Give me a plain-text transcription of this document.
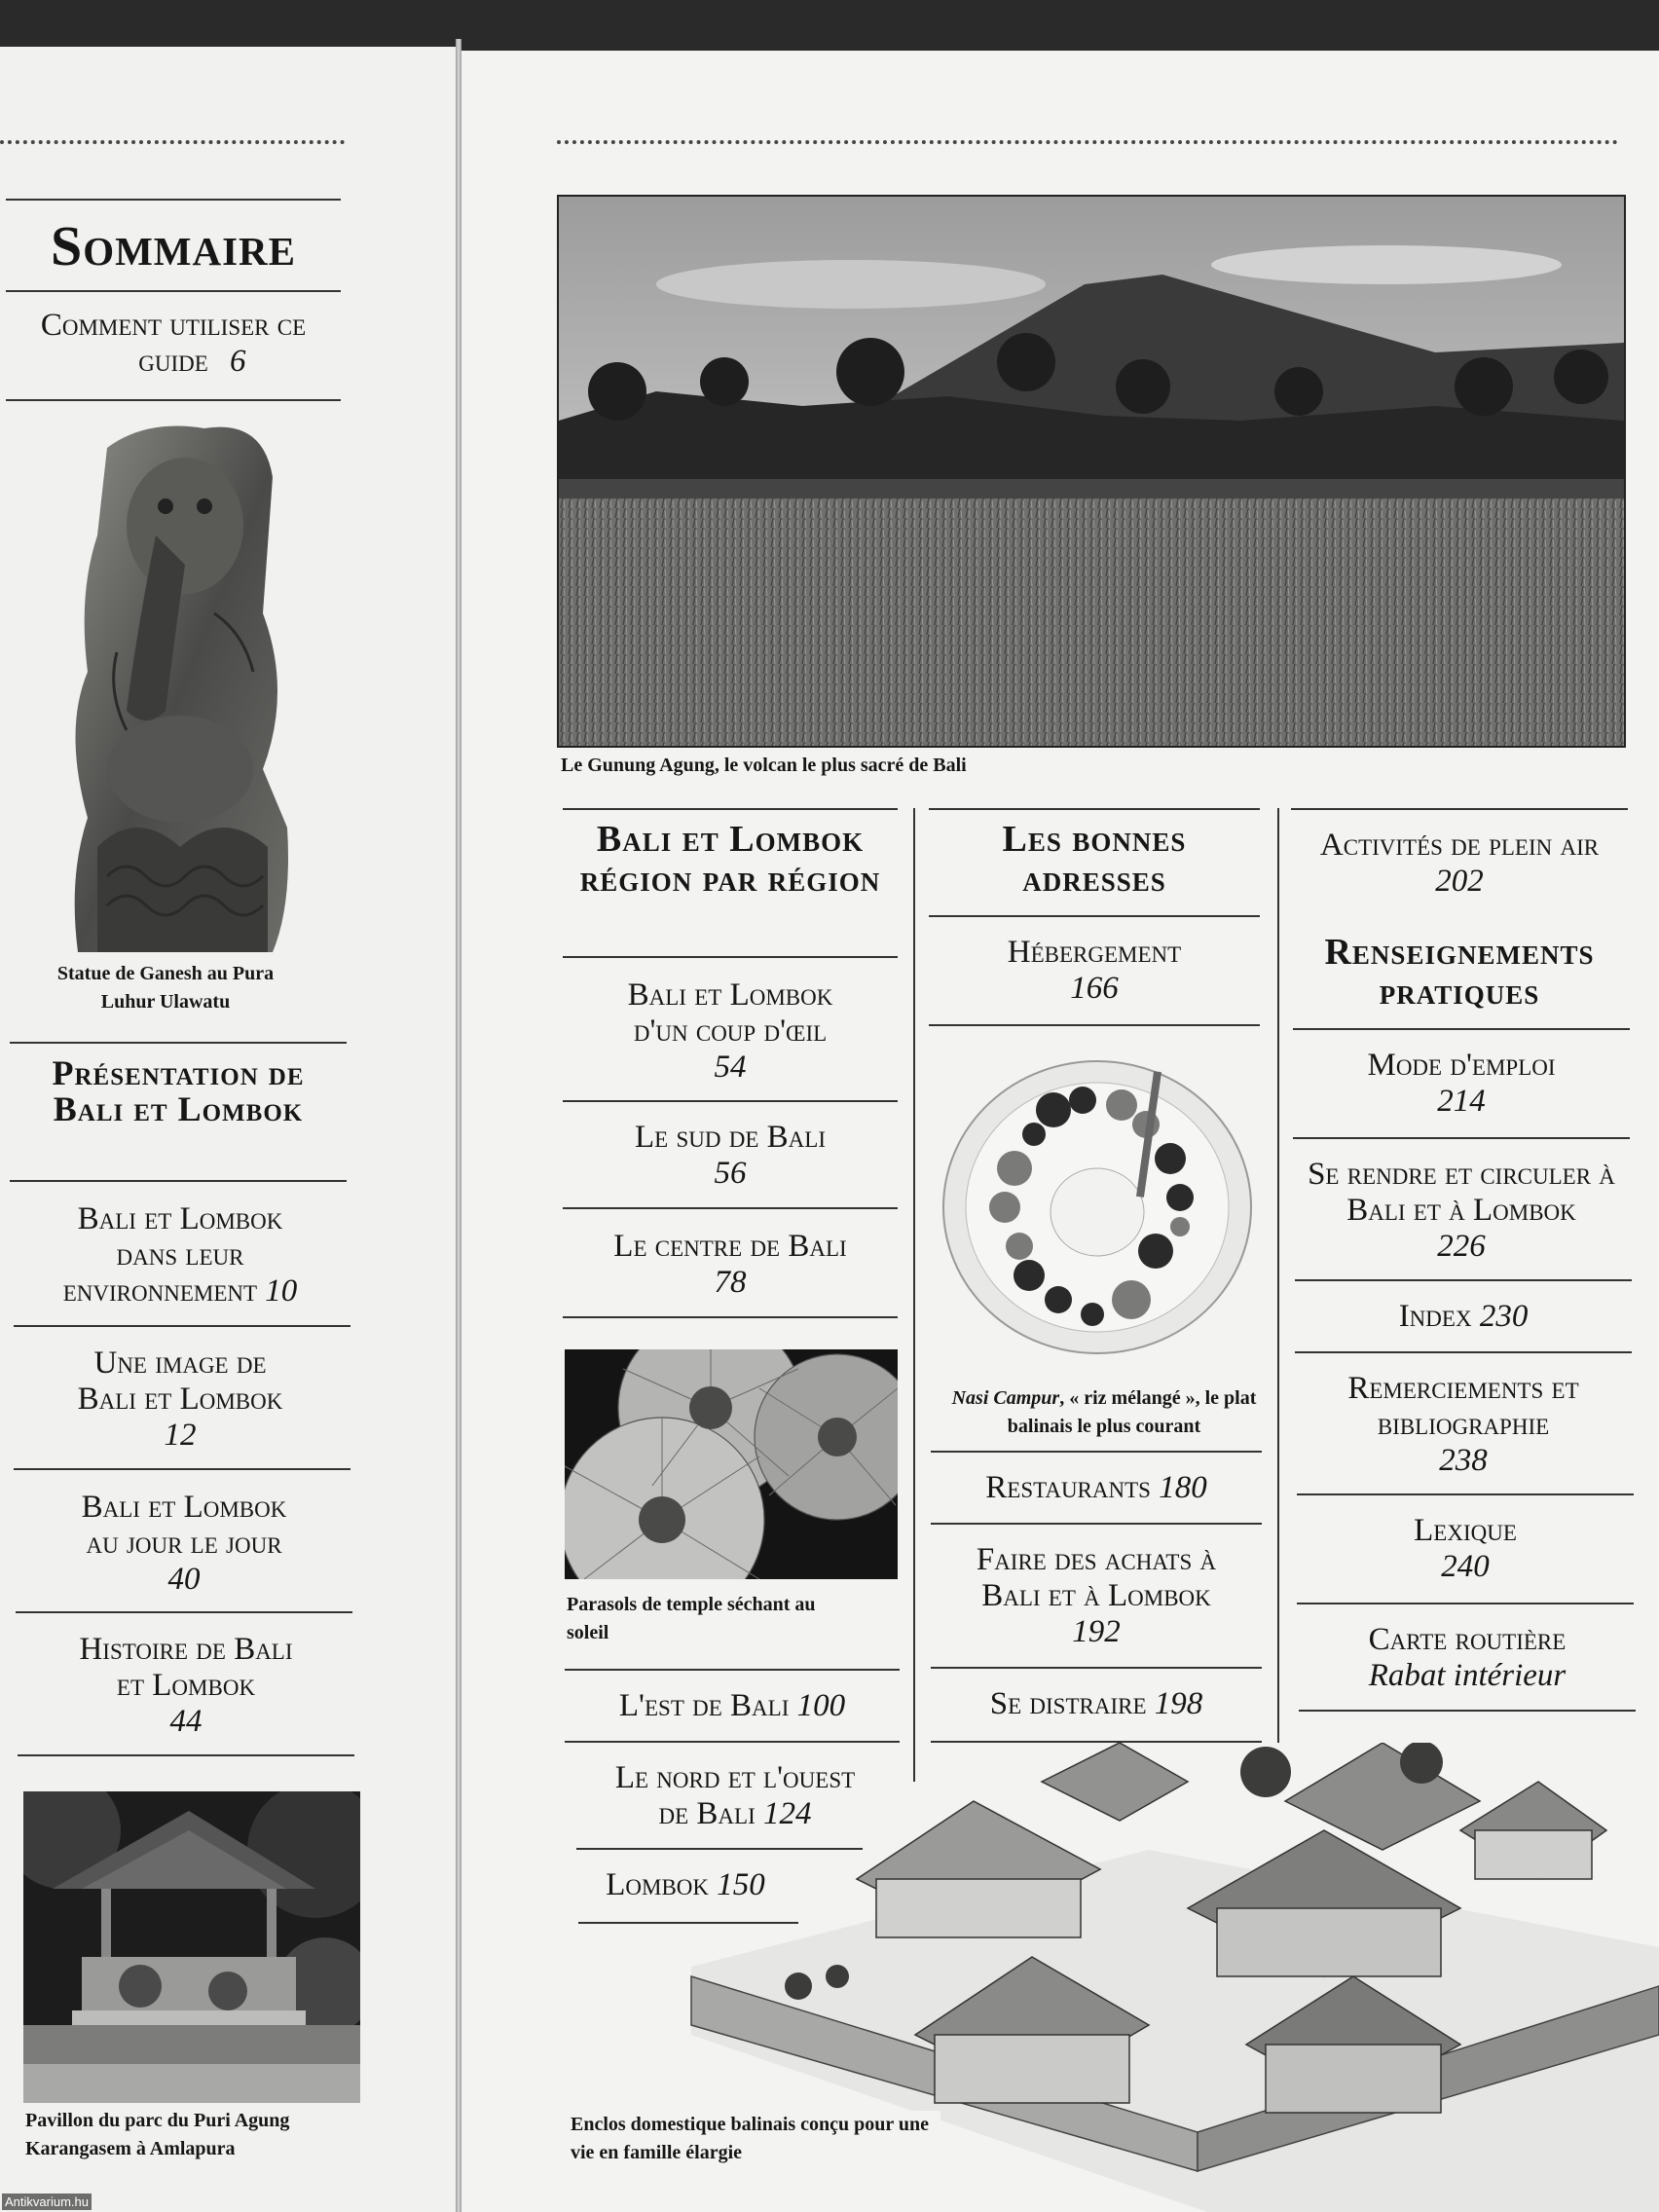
Sommaire
Comment utiliser ce guide 6
Statue de Ganesh au Pura Luhur Ulawatu
Présentation de Bali et Lombok
Bali et Lombok dans leur environnement 10
Une image de Bali et Lombok
12
Bali et Lombok au jour le jour
40
Histoire de Bali et Lombok
44
Pavillon du parc du Puri Agung Karangasem à Amlapura
Le Gunung Agung, le volcan le plus sacré de Bali
Bali et Lombok région par région
Bali et Lombok d'un coup d'œil
54
Le sud de Bali
56
Le centre de Bali
78
Parasols de temple séchant au soleil
L'est de Bali 100
Le nord et l'ouest de Bali 124
Lombok 150
Les bonnes adresses
Hébergement
166
Nasi Campur, « riz mélangé », le plat balinais le plus courant
Restaurants 180
Faire des achats à Bali et à Lombok
192
Se distraire 198
Activités de plein air
202
Renseignements pratiques
Mode d'emploi
214
Se rendre et circuler à Bali et à Lombok
226
Index 230
Remerciements et bibliographie
238
Lexique
240
Carte routière
Rabat intérieur
Enclos domestique balinais conçu pour une vie en famille élargie
Antikvarium.hu
